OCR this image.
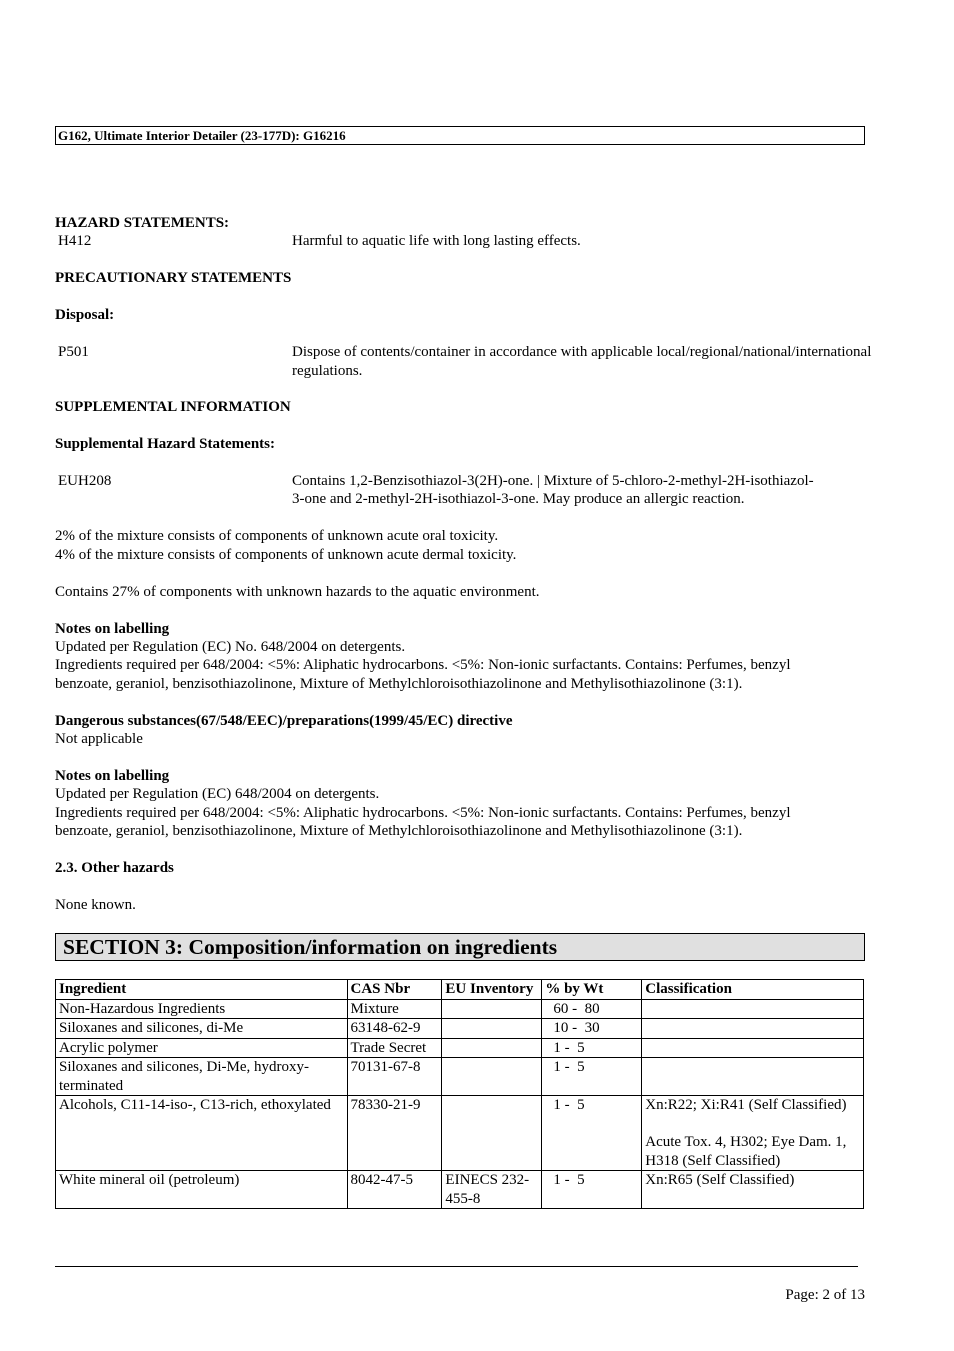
G162, Ultimate Interior Detailer (23-177D): G16216
HAZARD STATEMENTS:
H412	Harmful to aquatic life with long lasting effects.
PRECAUTIONARY STATEMENTS
Disposal:
P501	Dispose of contents/container in accordance with applicable local/regional/national/international
regulations.
SUPPLEMENTAL INFORMATION
Supplemental Hazard Statements:
EUH208	Contains 1,2-Benzisothiazol-3(2H)-one. | Mixture of 5-chloro-2-methyl-2H-isothiazol-
3-one and 2-methyl-2H-isothiazol-3-one. May produce an allergic reaction.
2% of the mixture consists of components of unknown acute oral toxicity.
4% of the mixture consists of components of unknown acute dermal toxicity.
Contains 27% of components with unknown hazards to the aquatic environment.
Notes on labelling
Updated per Regulation (EC) No. 648/2004 on detergents.
Ingredients required per 648/2004: <5%: Aliphatic hydrocarbons. <5%: Non-ionic surfactants. Contains: Perfumes, benzyl
benzoate, geraniol, benzisothiazolinone, Mixture of Methylchloroisothiazolinone and Methylisothiazolinone (3:1).
Dangerous substances(67/548/EEC)/preparations(1999/45/EC) directive
Not applicable
Notes on labelling
Updated per Regulation (EC) 648/2004 on detergents.
Ingredients required per 648/2004: <5%: Aliphatic hydrocarbons. <5%: Non-ionic surfactants. Contains: Perfumes, benzyl
benzoate, geraniol, benzisothiazolinone, Mixture of Methylchloroisothiazolinone and Methylisothiazolinone (3:1).
2.3. Other hazards
None known.
SECTION 3: Composition/information on ingredients
Ingredient	CAS Nbr	EU Inventory	% by Wt	Classification
Non-Hazardous Ingredients	Mixture		60 -  80	
Siloxanes and silicones, di-Me	63148-62-9		10 -  30	
Acrylic polymer	Trade Secret		1 -  5	
Siloxanes and silicones, Di-Me, hydroxy-terminated	70131-67-8		1 -  5	
Alcohols, C11-14-iso-, C13-rich, ethoxylated	78330-21-9		1 -  5	Xn:R22; Xi:R41 (Self Classified)
Acute Tox. 4, H302; Eye Dam. 1, H318 (Self Classified)

White mineral oil (petroleum)	8042-47-5	EINECS 232-455-8	1 -  5	Xn:R65 (Self Classified)
Page: 2 of 13
